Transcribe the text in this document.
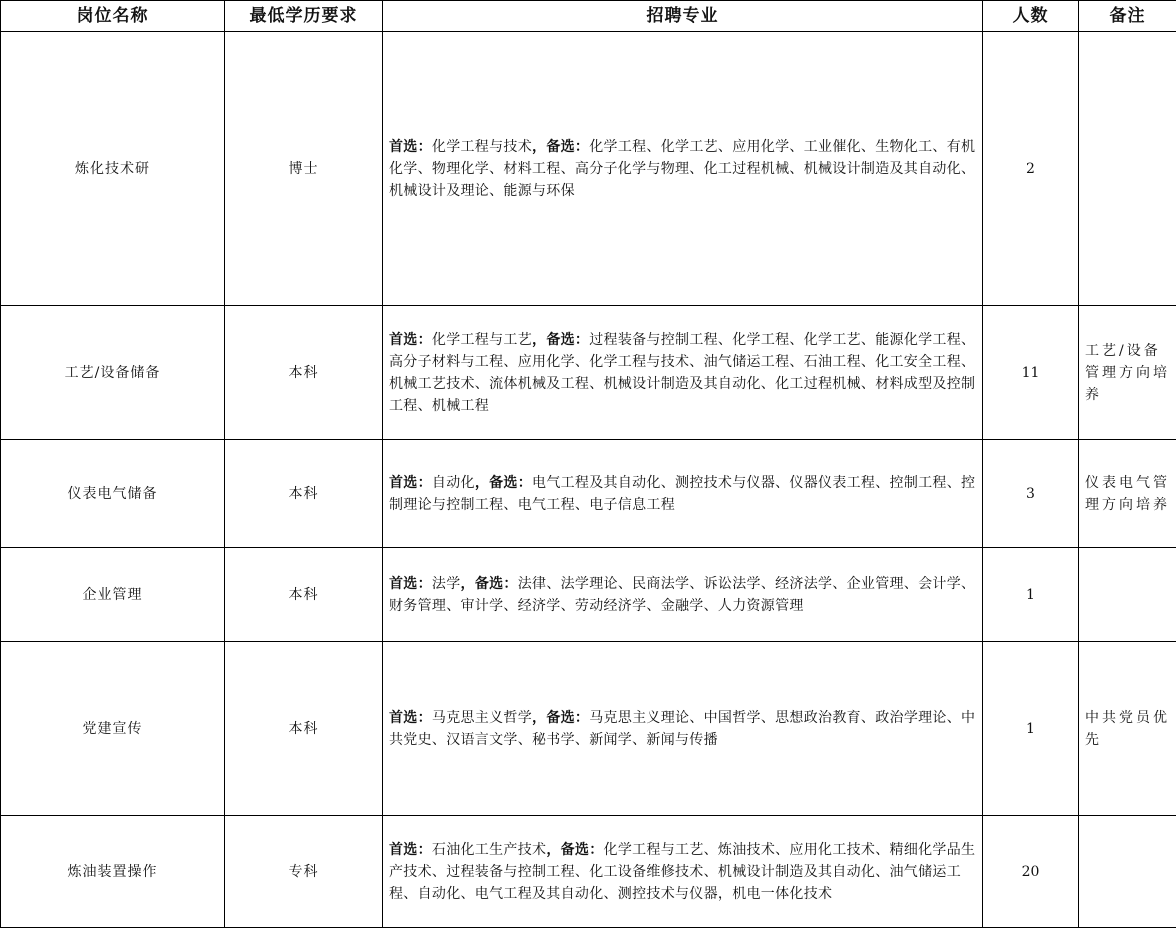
岗位名称	最低学历要求	招聘专业	人数	备注
炼化技术研	博士	首选：化学工程与技术，备选：化学工程、化学工艺、应用化学、工业催化、生物化工、有机化学、物理化学、材料工程、高分子化学与物理、化工过程机械、机械设计制造及其自动化、机械设计及理论、能源与环保	2	
工艺/设备储备	本科	首选：化学工程与工艺，备选：过程装备与控制工程、化学工程、化学工艺、能源化学工程、高分子材料与工程、应用化学、化学工程与技术、油气储运工程、石油工程、化工安全工程、机械工艺技术、流体机械及工程、机械设计制造及其自动化、化工过程机械、材料成型及控制工程、机械工程	11	工艺/设备管理方向培养
仪表电气储备	本科	首选：自动化，备选：电气工程及其自动化、测控技术与仪器、仪器仪表工程、控制工程、控制理论与控制工程、电气工程、电子信息工程	3	仪表电气管理方向培养
企业管理	本科	首选：法学，备选：法律、法学理论、民商法学、诉讼法学、经济法学、企业管理、会计学、财务管理、审计学、经济学、劳动经济学、金融学、人力资源管理	1	
党建宣传	本科	首选：马克思主义哲学，备选：马克思主义理论、中国哲学、思想政治教育、政治学理论、中共党史、汉语言文学、秘书学、新闻学、新闻与传播	1	中共党员优先
炼油装置操作	专科	首选：石油化工生产技术，备选：化学工程与工艺、炼油技术、应用化工技术、精细化学品生产技术、过程装备与控制工程、化工设备维修技术、机械设计制造及其自动化、油气储运工程、自动化、电气工程及其自动化、测控技术与仪器，机电一体化技术	20	
